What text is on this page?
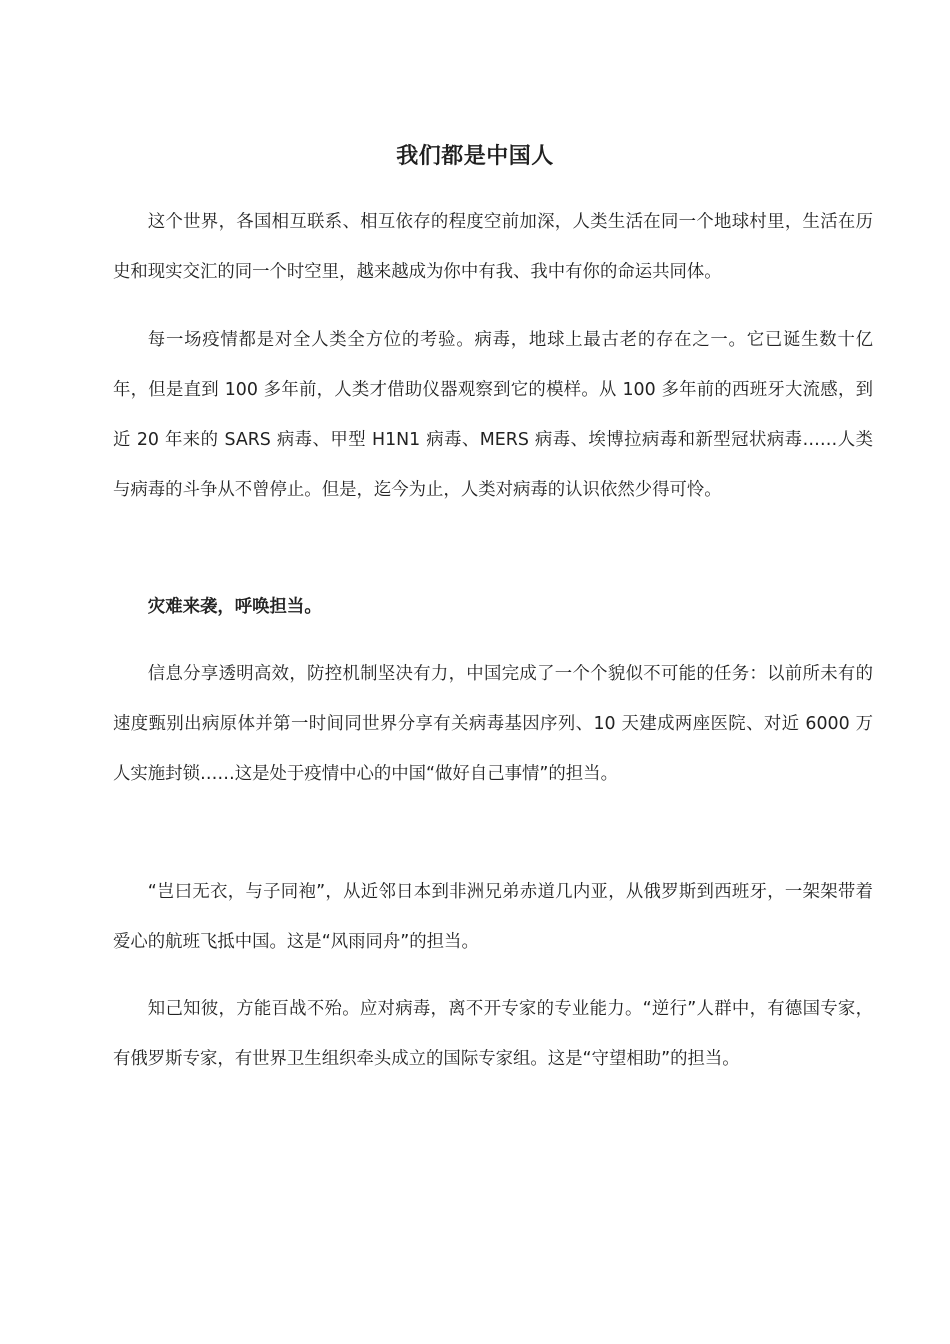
我们都是中国人

这个世界，各国相互联系、相互依存的程度空前加深，人类生活在同一个地球村里，生活在历史和现实交汇的同一个时空里，越来越成为你中有我、我中有你的命运共同体。

每一场疫情都是对全人类全方位的考验。病毒，地球上最古老的存在之一。它已诞生数十亿年，但是直到 100 多年前，人类才借助仪器观察到它的模样。从 100 多年前的西班牙大流感，到近 20 年来的 SARS 病毒、甲型 H1N1 病毒、MERS 病毒、埃博拉病毒和新型冠状病毒……人类与病毒的斗争从不曾停止。但是，迄今为止，人类对病毒的认识依然少得可怜。

灾难来袭，呼唤担当。

信息分享透明高效，防控机制坚决有力，中国完成了一个个貌似不可能的任务：以前所未有的速度甄别出病原体并第一时间同世界分享有关病毒基因序列、10 天建成两座医院、对近 6000 万人实施封锁……这是处于疫情中心的中国“做好自己事情”的担当。

“岂曰无衣，与子同袍”，从近邻日本到非洲兄弟赤道几内亚，从俄罗斯到西班牙，一架架带着爱心的航班飞抵中国。这是“风雨同舟”的担当。

知己知彼，方能百战不殆。应对病毒，离不开专家的专业能力。“逆行”人群中，有德国专家，有俄罗斯专家，有世界卫生组织牵头成立的国际专家组。这是“守望相助”的担当。
